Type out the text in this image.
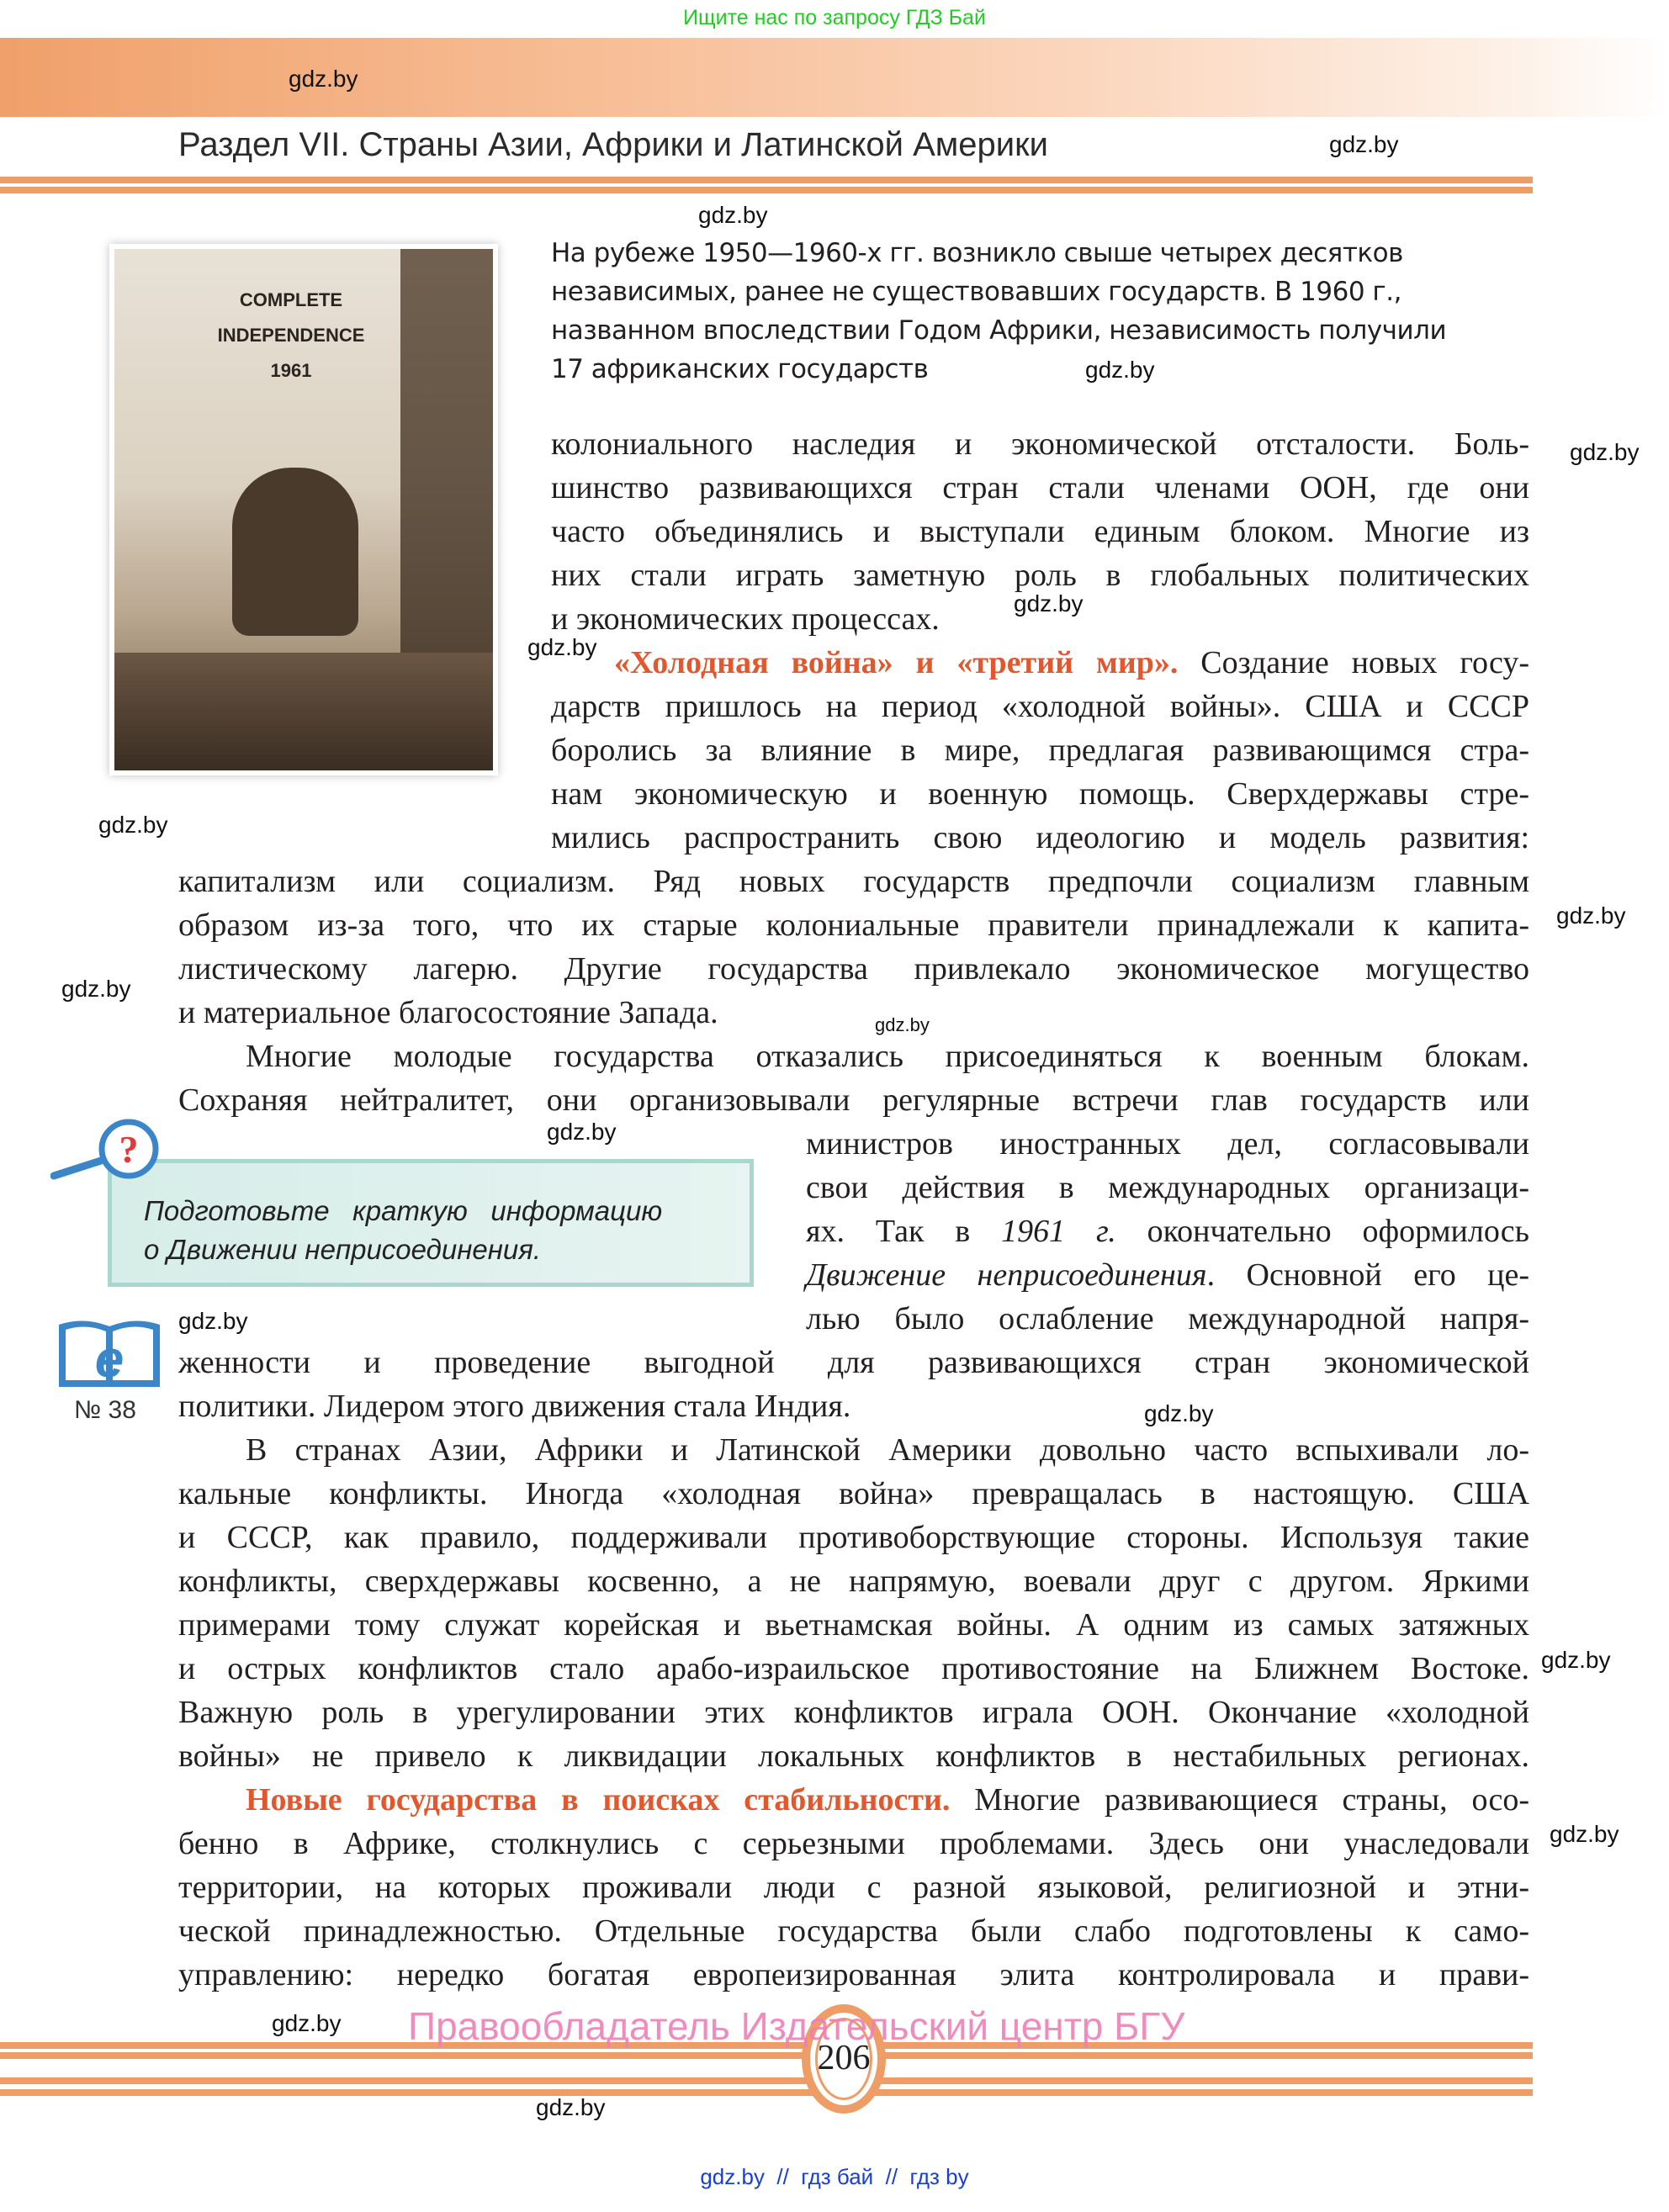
Ищите нас по запросу ГДЗ Бай
gdz.by
Раздел VII. Страны Азии, Африки и Латинской Америки	gdz.by
COMPLETE
INDEPENDENCE
1961
gdz.by
На рубеже 1950—1960-х гг. возникло свыше четырех десятков
независимых, ранее не существовавших государств. В 1960 г.,
названном впоследствии Годом Африки, независимость получили
17 африканских государств	gdz.by
колониального наследия и экономической отсталости. Боль-
шинство развивающихся стран стали членами ООН, где они
часто объединялись и выступали единым блоком. Многие из
них стали играть заметную роль в глобальных политических
и экономических процессах.	gdz.by
gdz.by
gdz.by
«Холодная война» и «третий мир». Создание новых госу-
дарств пришлось на период «холодной войны». США и СССР
боролись за влияние в мире, предлагая развивающимся стра-
нам экономическую и военную помощь. Сверхдержавы стре-
мились распространить свою идеологию и модель развития:
gdz.by
капитализм или социализм. Ряд новых государств предпочли социализм главным
образом из-за того, что их старые колониальные правители принадлежали к капита-
листическому лагерю. Другие государства привлекало экономическое могущество
и материальное благосостояние Запада.
Многие молодые государства отказались присоединяться к военным блокам.
Сохраняя нейтралитет, они организовывали регулярные встречи глав государств или
gdz.by
gdz.by
gdz.by
gdz.by
Подготовьте   краткую   информацию
о Движении неприсоединения.
?	министров иностранных дел, согласовывали
свои действия в международных организаци-
ях. Так в 1961 г. окончательно оформилось
Движение неприсоединения. Основной его це-
лью было ослабление международной напря-
e
№ 38
gdz.by
женности и проведение выгодной для развивающихся стран экономической
политики. Лидером этого движения стала Индия.	gdz.by
В странах Азии, Африки и Латинской Америки довольно часто вспыхивали ло-
кальные конфликты. Иногда «холодная война» превращалась в настоящую. США
и СССР, как правило, поддерживали противоборствующие стороны. Используя такие
конфликты, сверхдержавы косвенно, а не напрямую, воевали друг с другом. Яркими
примерами тому служат корейская и вьетнамская войны. А одним из самых затяжных
и острых конфликтов стало арабо-израильское противостояние на Ближнем Востоке.
Важную роль в урегулировании этих конфликтов играла ООН. Окончание «холодной
войны» не привело к ликвидации локальных конфликтов в нестабильных регионах.
Новые государства в поисках стабильности. Многие развивающиеся страны, осо-
бенно в Африке, столкнулись с серьезными проблемами. Здесь они унаследовали
территории, на которых проживали люди с разной языковой, религиозной и этни-
ческой принадлежностью. Отдельные государства были слабо подготовлены к само-
управлению: нередко богатая европеизированная элита контролировала и прави-
gdz.by
gdz.by
gdz.by
206
Правообладатель Издательский центр БГУ
gdz.by
gdz.by  //  гдз бай  //  гдз by
